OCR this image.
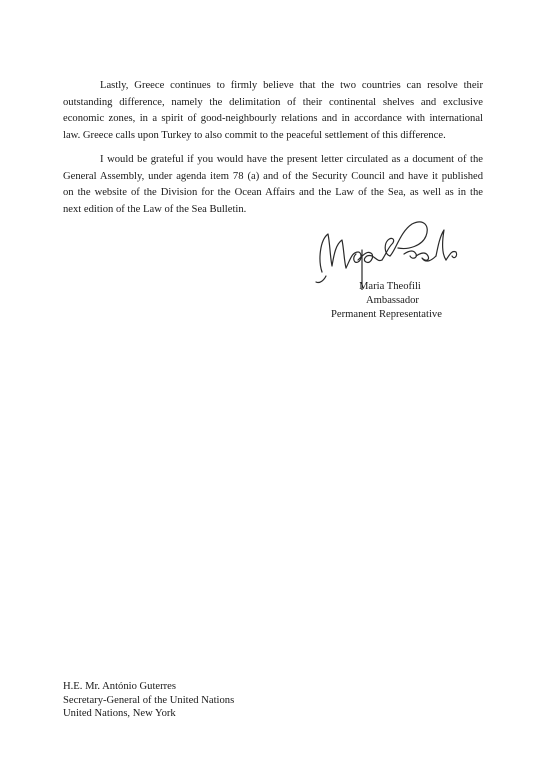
Lastly, Greece continues to firmly believe that the two countries can resolve their
outstanding difference, namely the delimitation of their continental shelves and exclusive
economic zones, in a spirit of good-neighbourly relations and in accordance with international
law. Greece calls upon Turkey to also commit to the peaceful settlement of this difference.
I would be grateful if you would have the present letter circulated as a document of the
General Assembly, under agenda item 78 (a) and of the Security Council and have it published
on the website of the Division for the Ocean Affairs and the Law of the Sea, as well as in the
next edition of the Law of the Sea Bulletin.
Maria Theofili
Ambassador
Permanent Representative
H.E. Mr. António Guterres
Secretary-General of the United Nations
United Nations, New York
